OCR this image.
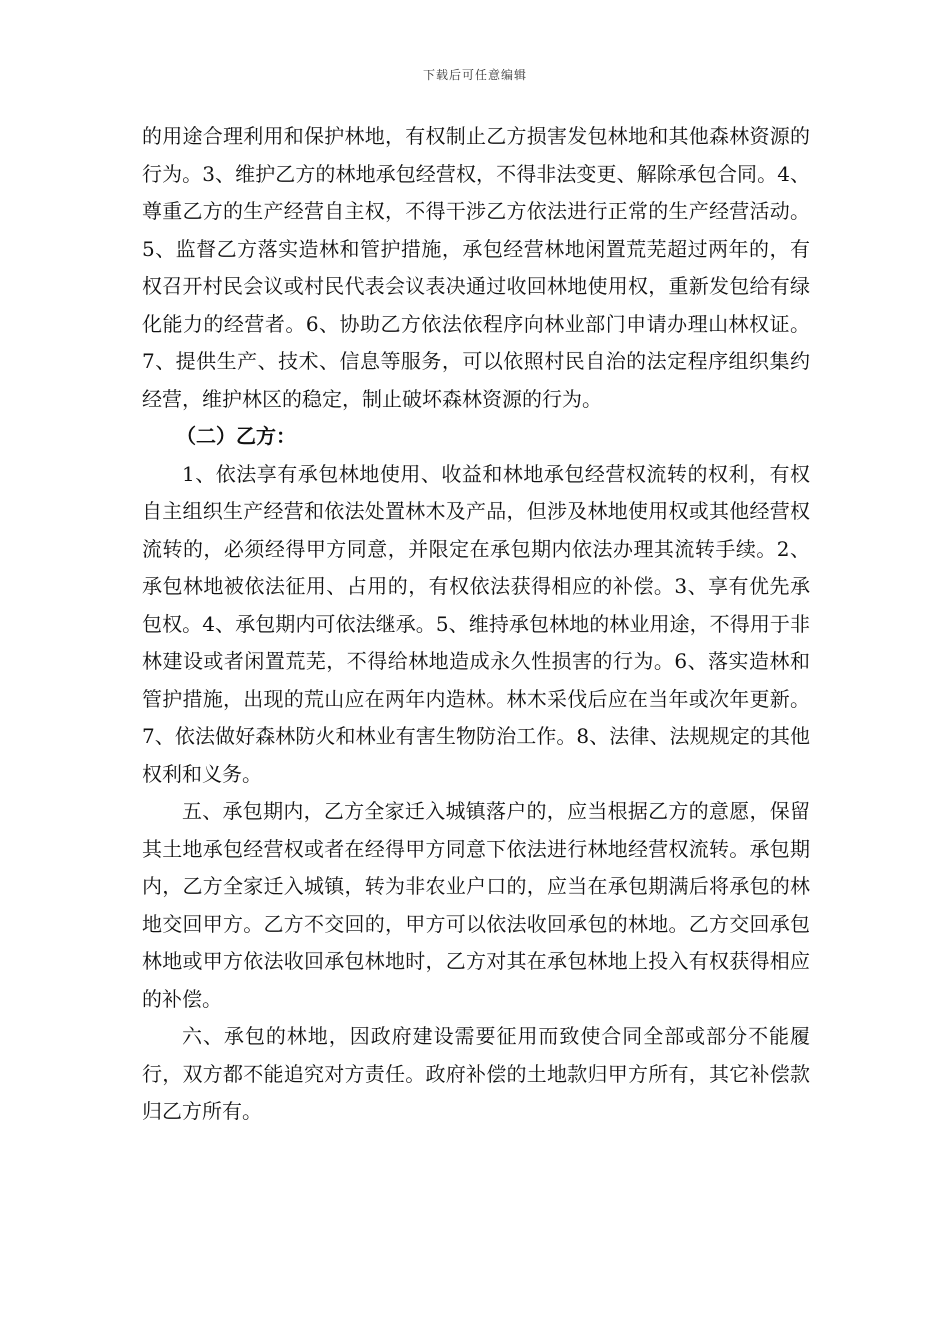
下载后可任意编辑

的用途合理利用和保护林地，有权制止乙方损害发包林地和其他森林资源的行为。3、维护乙方的林地承包经营权，不得非法变更、解除承包合同。4、尊重乙方的生产经营自主权，不得干涉乙方依法进行正常的生产经营活动。5、监督乙方落实造林和管护措施，承包经营林地闲置荒芜超过两年的，有权召开村民会议或村民代表会议表决通过收回林地使用权，重新发包给有绿化能力的经营者。6、协助乙方依法依程序向林业部门申请办理山林权证。7、提供生产、技术、信息等服务，可以依照村民自治的法定程序组织集约经营，维护林区的稳定，制止破坏森林资源的行为。

（二）乙方：

1、依法享有承包林地使用、收益和林地承包经营权流转的权利，有权自主组织生产经营和依法处置林木及产品，但涉及林地使用权或其他经营权流转的，必须经得甲方同意，并限定在承包期内依法办理其流转手续。2、承包林地被依法征用、占用的，有权依法获得相应的补偿。3、享有优先承包权。4、承包期内可依法继承。5、维持承包林地的林业用途，不得用于非林建设或者闲置荒芜，不得给林地造成永久性损害的行为。6、落实造林和管护措施，出现的荒山应在两年内造林。林木采伐后应在当年或次年更新。7、依法做好森林防火和林业有害生物防治工作。8、法律、法规规定的其他权利和义务。

五、承包期内，乙方全家迁入城镇落户的，应当根据乙方的意愿，保留其土地承包经营权或者在经得甲方同意下依法进行林地经营权流转。承包期内，乙方全家迁入城镇，转为非农业户口的，应当在承包期满后将承包的林地交回甲方。乙方不交回的，甲方可以依法收回承包的林地。乙方交回承包林地或甲方依法收回承包林地时，乙方对其在承包林地上投入有权获得相应的补偿。

六、承包的林地，因政府建设需要征用而致使合同全部或部分不能履行，双方都不能追究对方责任。政府补偿的土地款归甲方所有，其它补偿款归乙方所有。
